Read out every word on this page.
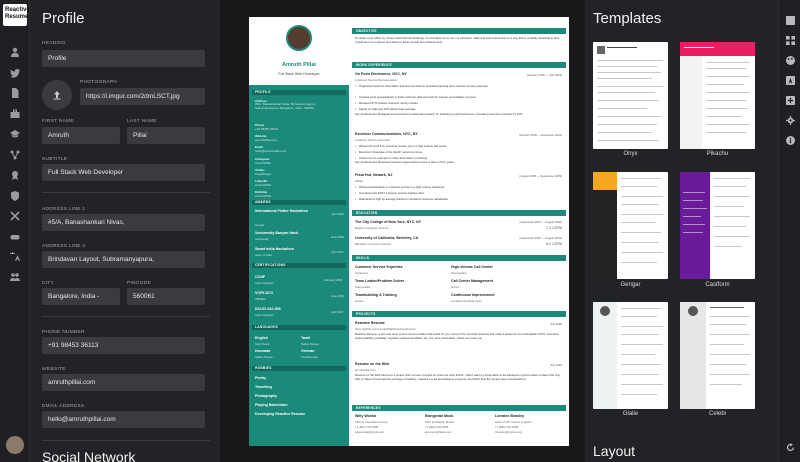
Reactive Resume Profile
HEADING
Profile
PHOTOGRAPH
https://i.imgur.com/2dmLSCT.jpg
FIRST NAME
Amruth
LAST NAME
Pillai
SUBTITLE
Full Stack Web Developer
ADDRESS LINE 1
#5/A, Banashankari Nivas,
ADDRESS LINE 2
Brindavan Layout, Subramanyapura,
CITY
Bangalore, India -
PINCODE
560061
PHONE NUMBER
+91 98453 36113
WEBSITE
amruthpillai.com
EMAIL ADDRESS
hello@amruthpillai.com
Social Network
Amruth Pillai
Full Stack Web Developer
PROFILE
Address
#5/A, Banashankari Nivas, Brindavan Layout, Subramanyapura, Bangalore, India - 560061
Phone
+91 98453 36113
Website
amruthpillai.com
Email
hello@amruthpillai.com
Instagram
AmruthPillai
Twitter
KingOKings
LinkedIn
AmruthPillai
Dribbble
AmruthPillai
AWARDS
International Flutter Hackathon
Google
April 2019
Venturesity Banyan Hack
Venturesity	June 2016
Smart India Hackathon
Govt. of India
April 2017
CERTIFICATIONS
CCNP
Cisco Systems
February 2018
VCP6-DCV
VMWare
June 2019
DCUCI 642-999
Cisco Systems
April 2017
LANGUAGES
English
Very Fluent
Tamil
Native Tongue
Kannada
Native Tongue
German
Fundamental
HOBBIES
Poetry
Travelling
Photography
Playing Badminton
Developing Reactive Resume
OBJECTIVE
To obtain a job within my chosen field that will challenge me and allow me to use my education, skills and past experiences in a way that is mutually beneficial to both myself and my employer and allow for future growth and advancement.
WORK EXPERIENCE
On Point Electronics, NYC, NY	(January 2019 — July 2019)
Customer Service Representative
• Organized customer information and account data for business planning and customer service purposes.
• Created excel spreadsheets to track customer data and perform intense reconciliation process.
• Received 97% positive customer survey results.
• Speed on calls was 10% above team average.
Key Achievement: Designed and executed an automated system for following up with customers, increasing customer retention by 22%.
Excelsior Communications, NYC, NY	(October 2009 — December 2016)
Customer Service Associate
• Worked as a full time customer service rep in a high volume call center.
• Received "Associate of the Month" award six times.
• Chosen as an example for other associates in trainings.
Key Achievement: Received Customer Appreciation bonus in three of four years.
Pizza Hut, Newark, NJ	(August 2005 — September 2009)
Waiter
• Worked passionately in customer service in a high volume restaurant.
• Completed the FAST customer service training class.
• Maintained a high tip average thanks to consistent customer satisfaction.
EDUCATION
The City College of New York, NYC, NY	(September 2007 — August 2002)
Masters Computer Science	7.2 CGPA
University of California, Berkeley, CA	(September 1997 — August 2001)
Bachelors Computer Science	8.4 CGPA
SKILLS
Customer Service Expertise
Advanced
High-Volume Call Center
Intermediate
Team Leader/Problem Solver
Intermediate
Call Center Management
Novice
Teambuilding & Training
Novice
Continuous Improvement
Fundamental Awareness
PROJECTS
Reactive Resume	July 2020
https://github.com/AmruthPillai/Reactive-Resume
Reactive Resume, a free and open source resume builder that works for you. A few of the important features that make it awesome are minimalistic UI/UX, extensive customizability, portability, regularly updated templates, etc. For more information, check out rxresu.me
Resume on the Web	July 2019
amruthpillai.com
Resume on the Web has been a project that I've been focused on since the early 2014s. I didn't want my information to be displayed on just a sheet of paper that only HRs or Talent Scouts had the privilege of reading, I wanted it to be accessible to everyone. And that's how this project was conceptualized.
REFERENCES
Willy Wonka
CEO at Chocolate Factory
+1 (802) 234-2398
willywonka@gmail.com
Elangovan Musk
CEO at Palletier Motors
+1 (802) 234-2398
elonmusk@tesla.com
Lorraine Beasley
Head of HR, Carson Logistics
+1 (802) 234-2398
l.beasley@carson.org
Templates
Onyx	Pikachu
Gengar	Castform
Glalie	Celebi
Layout
